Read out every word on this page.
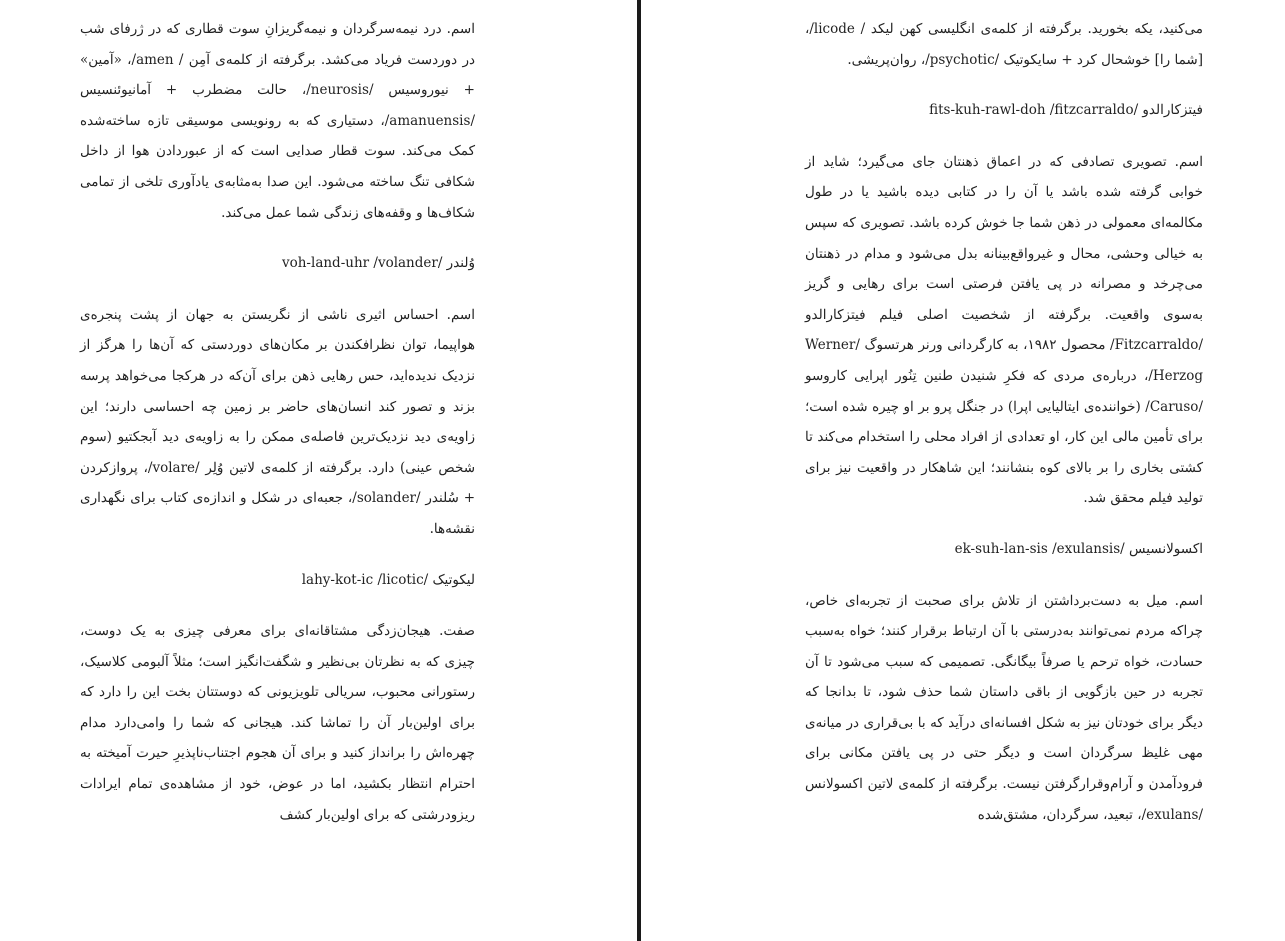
اسم. درد نیمه‌سرگردان و نیمه‌گریزانِ سوت قطاری که در ژرفای شب در دوردست فریاد می‌کشد. برگرفته از کلمه‌ی آمِن / amen/، «آمین» + نیوروسیس /neurosis/، حالت مضطرب + آمانیوئنسیس /amanuensis/، دستیاری که به رونویسی موسیقی تازه ساخته‌شده کمک می‌کند. سوت قطار صدایی است که از عبوردادن هوا از داخل شکافی تنگ ساخته می‌شود. این صدا به‌مثابه‌ی یادآوری تلخی از تمامی شکاف‌ها و وقفه‌های زندگی شما عمل می‌کند.

وُلندر /voh-land-uhr /volander

اسم. احساس اثیری ناشی از نگریستن به جهان از پشت پنجره‌ی هواپیما، توان نظرافکندن بر مکان‌های دوردستی که آن‌ها را هرگز از نزدیک ندیده‌اید، حس رهایی ذهن برای آن‌که در هرکجا می‌خواهد پرسه بزند و تصور کند انسان‌های حاضر بر زمین چه احساسی دارند؛ این زاویه‌ی دید نزدیک‌ترین فاصله‌ی ممکن را به زاویه‌ی دید آبجکتیو (سوم شخص عینی) دارد. برگرفته از کلمه‌ی لاتین وُلِر /volare/، پروازکردن + سُلندر /solander/، جعبه‌ای در شکل و اندازه‌ی کتاب برای نگهداری نقشه‌ها.

لیکوتیک /lahy-kot-ic /licotic

صفت. هیجان‌زدگی مشتاقانه‌ای برای معرفی چیزی به یک دوست، چیزی که به نظرتان بی‌نظیر و شگفت‌انگیز است؛ مثلاً آلبومی کلاسیک، رستورانی محبوب، سریالی تلویزیونی که دوستتان بخت این را دارد که برای اولین‌بار آن را تماشا کند. هیجانی که شما را وامی‌دارد مدام چهره‌اش را برانداز کنید و برای آن هجوم اجتناب‌ناپذیرِ حیرت آمیخته به احترام انتظار بکشید، اما در عوض، خود از مشاهده‌ی تمام ایرادات ریزودرشتی که برای اولین‌بار کشف

می‌کنید، یکه بخورید. برگرفته از کلمه‌ی انگلیسی کهن لیکد / licode/، [شما را] خوشحال کرد + سایکوتیک /psychotic/، روان‌پریشی.

فیتزکارالدو /fits-kuh-rawl-doh /fitzcarraldo

اسم. تصویری تصادفی که در اعماق ذهنتان جای می‌گیرد؛ شاید از خوابی گرفته شده باشد یا آن را در کتابی دیده باشید یا در طول مکالمه‌ای معمولی در ذهن شما جا خوش کرده باشد. تصویری که سپس به خیالی وحشی، محال و غیرواقع‌بینانه بدل می‌شود و مدام در ذهنتان می‌چرخد و مصرانه در پی یافتن فرصتی است برای رهایی و گریز به‌سوی واقعیت. برگرفته از شخصیت اصلی فیلم فیتزکارالدو /Fitzcarraldo/ محصول ۱۹۸۲، به کارگردانی ورنر هرتسوگ /Werner Herzog/، درباره‌ی مردی که فکرِ شنیدن طنین تِنُور اپرایی کاروسو /Caruso/ (خواننده‌ی ایتالیایی اپرا) در جنگل پرو بر او چیره شده است؛ برای تأمین مالی این کار، او تعدادی از افراد محلی را استخدام می‌کند تا کشتی بخاری را بر بالای کوه بنشانند؛ این شاهکار در واقعیت نیز برای تولید فیلم محقق شد.

اکسولانسیس /ek-suh-lan-sis /exulansis

اسم. میل به دست‌برداشتن از تلاش برای صحبت از تجربه‌ای خاص، چراکه مردم نمی‌توانند به‌درستی با آن ارتباط برقرار کنند؛ خواه به‌سبب حسادت، خواه ترحم یا صرفاً بیگانگی. تصمیمی که سبب می‌شود تا آن تجربه در حین بازگویی از باقی داستان شما حذف شود، تا بدانجا که دیگر برای خودتان نیز به شکل افسانه‌ای درآید که با بی‌قراری در میانه‌ی مهی غلیظ سرگردان است و دیگر حتی در پی یافتن مکانی برای فرودآمدن و آرام‌وقرارگرفتن نیست. برگرفته از کلمه‌ی لاتین اکسولانس /exulans/، تبعید، سرگردان، مشتق‌شده
